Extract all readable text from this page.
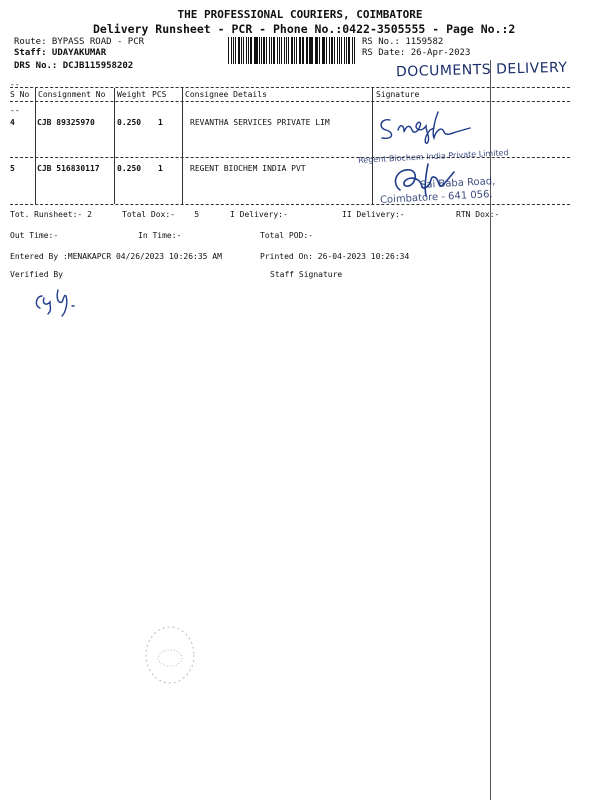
THE PROFESSIONAL COURIERS, COIMBATORE
Delivery Runsheet - PCR - Phone No.:0422-3505555 - Page No.:2
Route: BYPASS ROAD - PCR
Staff: UDAYAKUMAR
DRS No.: DCJB115958202
RS No.: 1159582
RS Date: 26-Apr-2023
DOCUMENTS DELIVERY
--
S No Consignment No Weight PCS Consignee Details	Signature
--
4	CJB 89325970	0.250 1	REVANTHA SERVICES PRIVATE LIM
5	CJB 516830117 0.250 1	REGENT BIOCHEM INDIA PVT
Regent Biochem India Private Limited
Sai Baba Road,
Coimbatore - 641 056.
Tot. Runsheet:- 2	Total Dox:-    5	I Delivery:-	II Delivery:-	RTN Dox:-
Out Time:-	In Time:-	Total POD:-
Entered By :MENAKAPCR 04/26/2023 10:26:35 AM	Printed On: 26-04-2023 10:26:34
Verified By	Staff Signature
